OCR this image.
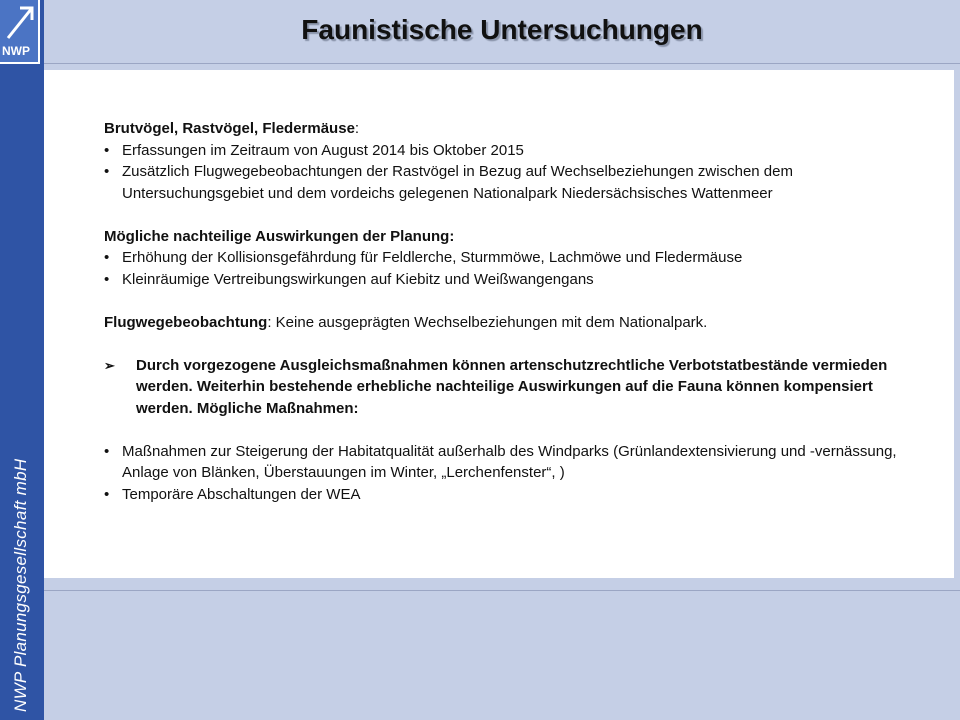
NWP
NWP Planungsgesellschaft mbH
Faunistische Untersuchungen

Brutvögel, Rastvögel, Fledermäuse:

• Erfassungen im Zeitraum von August 2014 bis Oktober 2015
• Zusätzlich Flugwegebeobachtungen der Rastvögel in Bezug auf Wechselbeziehungen zwischen dem Untersuchungsgebiet und dem vordeichs gelegenen Nationalpark Niedersächsisches Wattenmeer

Mögliche nachteilige Auswirkungen der Planung:

• Erhöhung der Kollisionsgefährdung für Feldlerche, Sturmmöwe, Lachmöwe und Fledermäuse
• Kleinräumige Vertreibungswirkungen auf Kiebitz und Weißwangengans

Flugwegebeobachtung: Keine ausgeprägten Wechselbeziehungen mit dem Nationalpark.

➢	Durch vorgezogene Ausgleichsmaßnahmen können artenschutzrechtliche Verbotstatbestände vermieden werden. Weiterhin bestehende erhebliche nachteilige Auswirkungen auf die Fauna können kompensiert werden. Mögliche Maßnahmen:
• Maßnahmen zur Steigerung der Habitatqualität außerhalb des Windparks (Grünlandextensivierung und -vernässung, Anlage von Blänken, Überstauungen im Winter, „Lerchenfenster“, )
• Temporäre Abschaltungen der WEA
